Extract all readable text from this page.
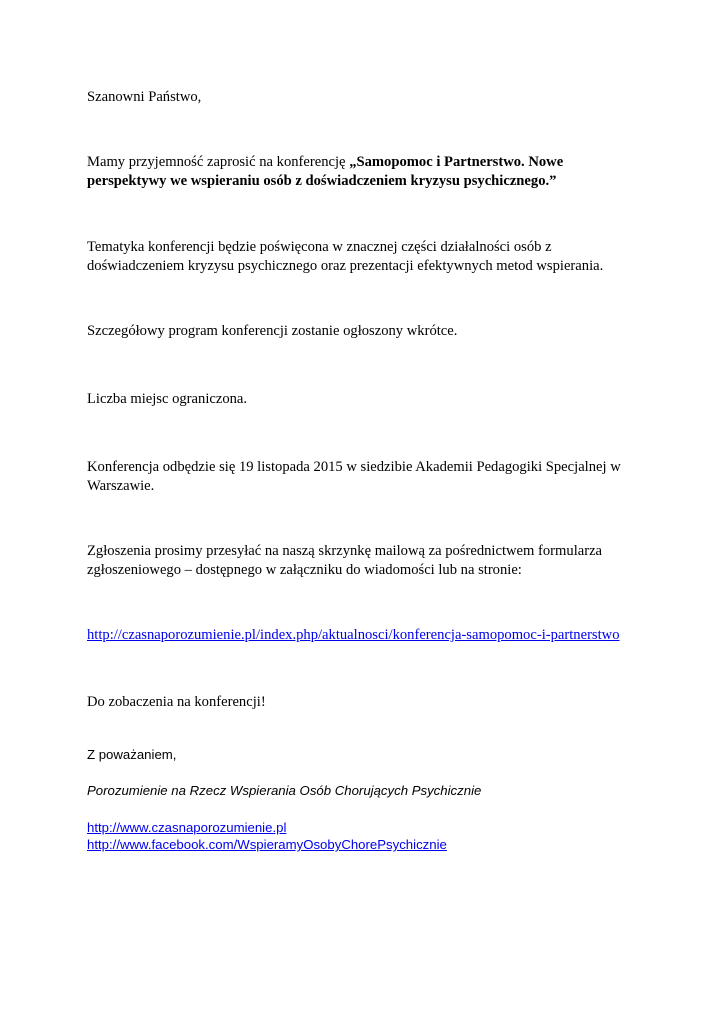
Szanowni Państwo,

Mamy przyjemność zaprosić na konferencję „Samopomoc i Partnerstwo. Nowe
perspektywy we wspieraniu osób z doświadczeniem kryzysu psychicznego.”

Tematyka konferencji będzie poświęcona w znacznej części działalności osób z
doświadczeniem kryzysu psychicznego oraz prezentacji efektywnych metod wspierania.

Szczegółowy program konferencji zostanie ogłoszony wkrótce.

Liczba miejsc ograniczona.

Konferencja odbędzie się 19 listopada 2015 w siedzibie Akademii Pedagogiki Specjalnej w
Warszawie.

Zgłoszenia prosimy przesyłać na naszą skrzynkę mailową za pośrednictwem formularza
zgłoszeniowego – dostępnego w załączniku do wiadomości lub na stronie:

http://czasnaporozumienie.pl/index.php/aktualnosci/konferencja-samopomoc-i-partnerstwo

Do zobaczenia na konferencji!

Z poważaniem,

Porozumienie na Rzecz Wspierania Osób Chorujących Psychicznie

http://www.czasnaporozumienie.pl
http://www.facebook.com/WspieramyOsobyChorePsychicznie
